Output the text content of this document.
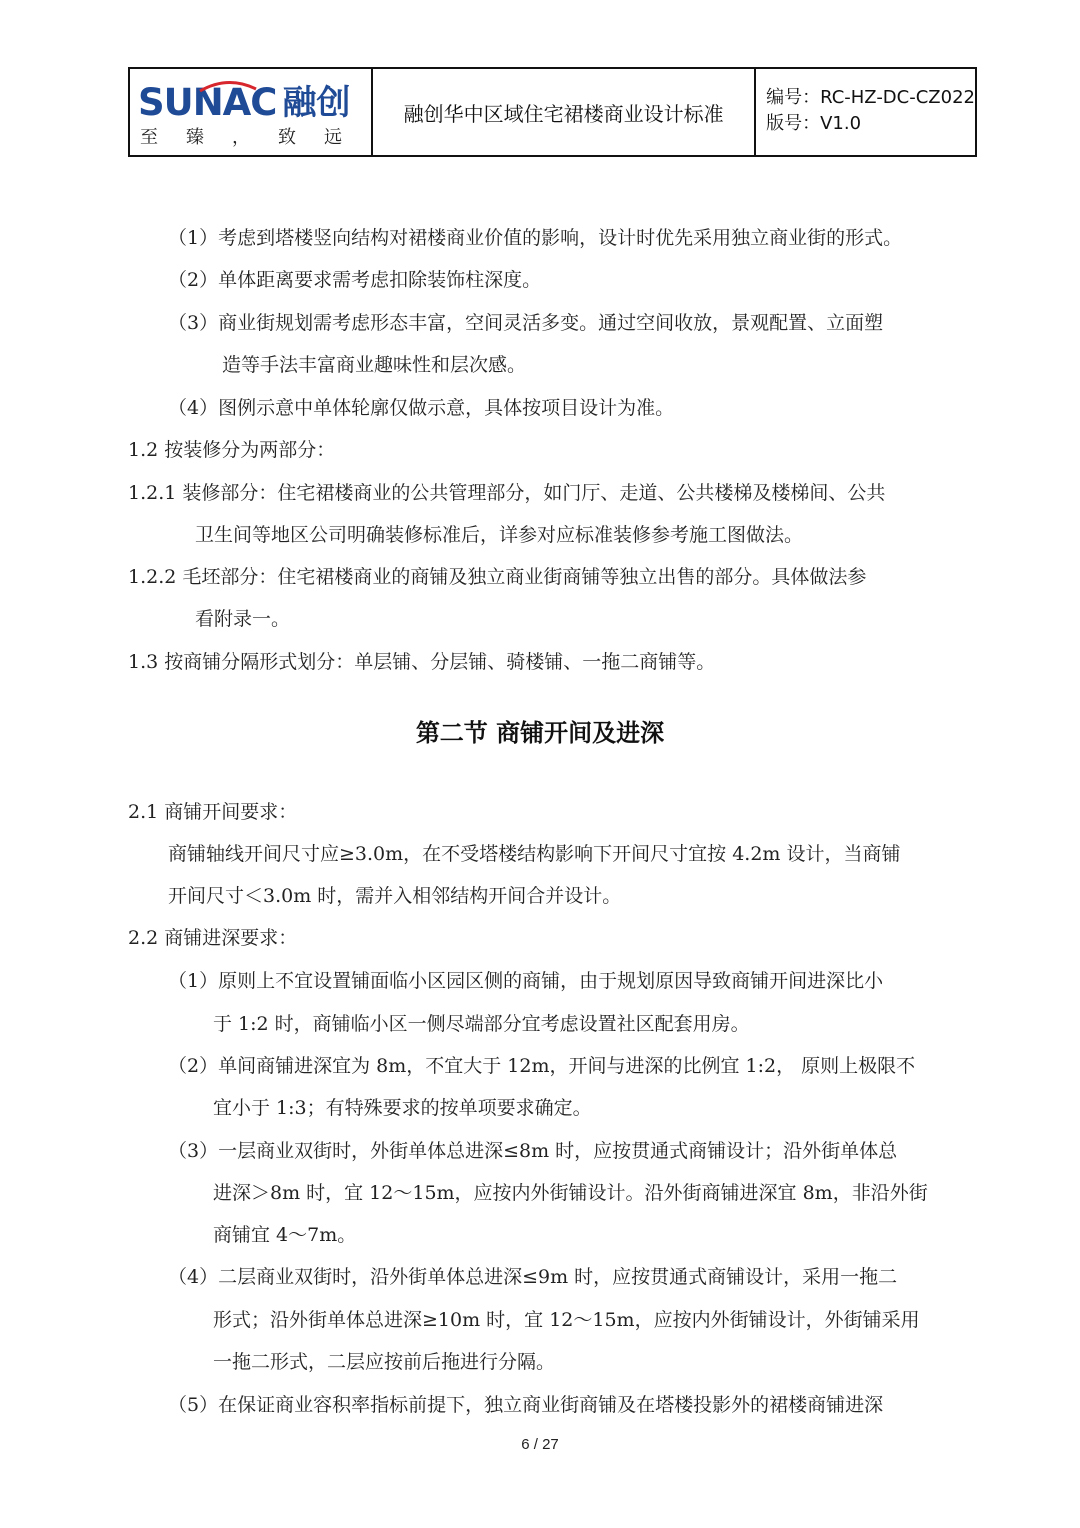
SUNAC 融创
至臻，致远
融创华中区域住宅裙楼商业设计标准
编号：RC-HZ-DC-CZ022
版号：V1.0
（1）考虑到塔楼竖向结构对裙楼商业价值的影响，设计时优先采用独立商业街的形式。
（2）单体距离要求需考虑扣除装饰柱深度。
（3）商业街规划需考虑形态丰富，空间灵活多变。通过空间收放，景观配置、立面塑
造等手法丰富商业趣味性和层次感。
（4）图例示意中单体轮廓仅做示意，具体按项目设计为准。
1.2 按装修分为两部分：
1.2.1 装修部分：住宅裙楼商业的公共管理部分，如门厅、走道、公共楼梯及楼梯间、公共
卫生间等地区公司明确装修标准后，详参对应标准装修参考施工图做法。
1.2.2 毛坯部分：住宅裙楼商业的商铺及独立商业街商铺等独立出售的部分。具体做法参
看附录一。
1.3 按商铺分隔形式划分：单层铺、分层铺、骑楼铺、一拖二商铺等。
第二节 商铺开间及进深
2.1 商铺开间要求：
商铺轴线开间尺寸应≥3.0m，在不受塔楼结构影响下开间尺寸宜按 4.2m 设计，当商铺
开间尺寸＜3.0m 时，需并入相邻结构开间合并设计。
2.2 商铺进深要求：
（1）原则上不宜设置铺面临小区园区侧的商铺，由于规划原因导致商铺开间进深比小
于 1:2 时，商铺临小区一侧尽端部分宜考虑设置社区配套用房。
（2）单间商铺进深宜为 8m，不宜大于 12m，开间与进深的比例宜 1:2， 原则上极限不
宜小于 1:3；有特殊要求的按单项要求确定。
（3）一层商业双街时，外街单体总进深≤8m 时，应按贯通式商铺设计；沿外街单体总
进深＞8m 时，宜 12～15m，应按内外街铺设计。沿外街商铺进深宜 8m，非沿外街
商铺宜 4～7m。
（4）二层商业双街时，沿外街单体总进深≤9m 时，应按贯通式商铺设计，采用一拖二
形式；沿外街单体总进深≥10m 时，宜 12～15m，应按内外街铺设计，外街铺采用
一拖二形式，二层应按前后拖进行分隔。
（5）在保证商业容积率指标前提下，独立商业街商铺及在塔楼投影外的裙楼商铺进深
6 / 27
